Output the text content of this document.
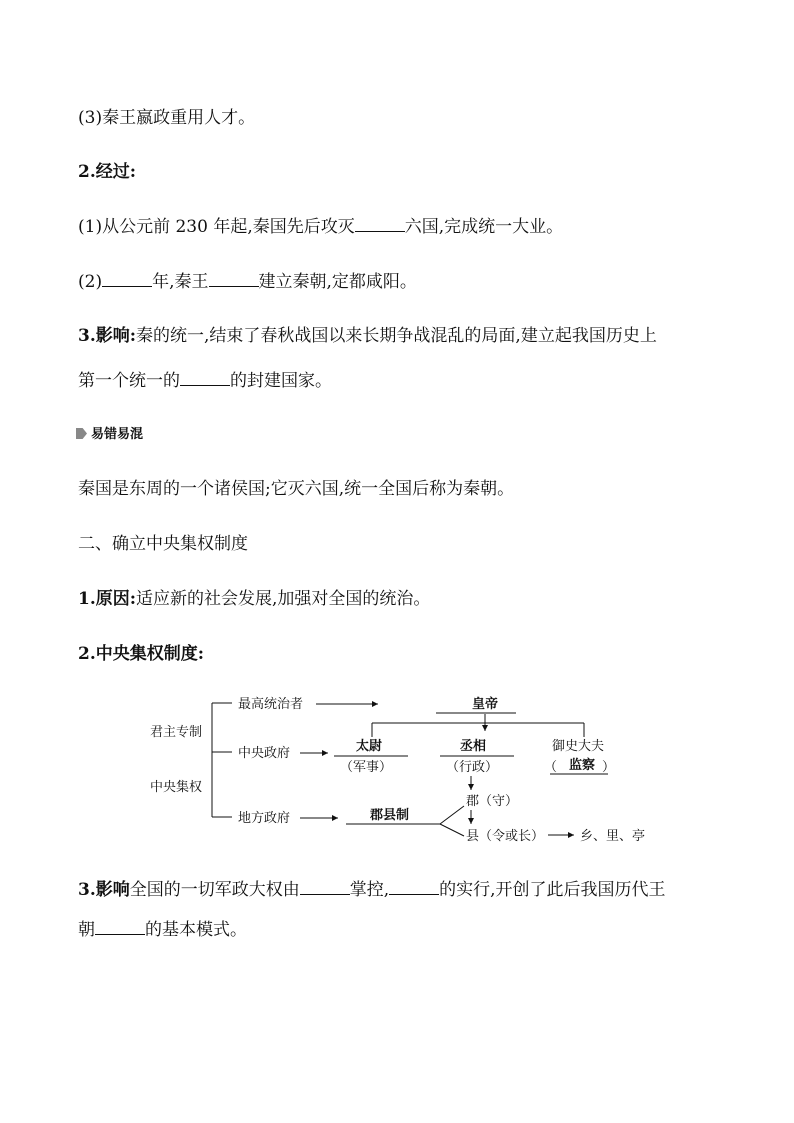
(3)秦王嬴政重用人才。
2.经过:
(1)从公元前 230 年起,秦国先后攻灭	六国,完成统一大业。
(2)	年,秦王	建立秦朝,定都咸阳。
3.影响:秦的统一,结束了春秋战国以来长期争战混乱的局面,建立起我国历史上
第一个统一的	的封建国家。
易错易混
秦国是东周的一个诸侯国;它灭六国,统一全国后称为秦朝。
二、确立中央集权制度
1.原因:适应新的社会发展,加强对全国的统治。
2.中央集权制度:
君主专制
中央集权
最高统治者
中央政府
地方政府
皇帝
太尉
（军事）
丞相
（行政）
御史大夫
（ 监察 ）
郡县制
郡（守）
县（令或长）	乡、里、亭
3.影响全国的一切军政大权由	掌控,	的实行,开创了此后我国历代王
朝	的基本模式。
